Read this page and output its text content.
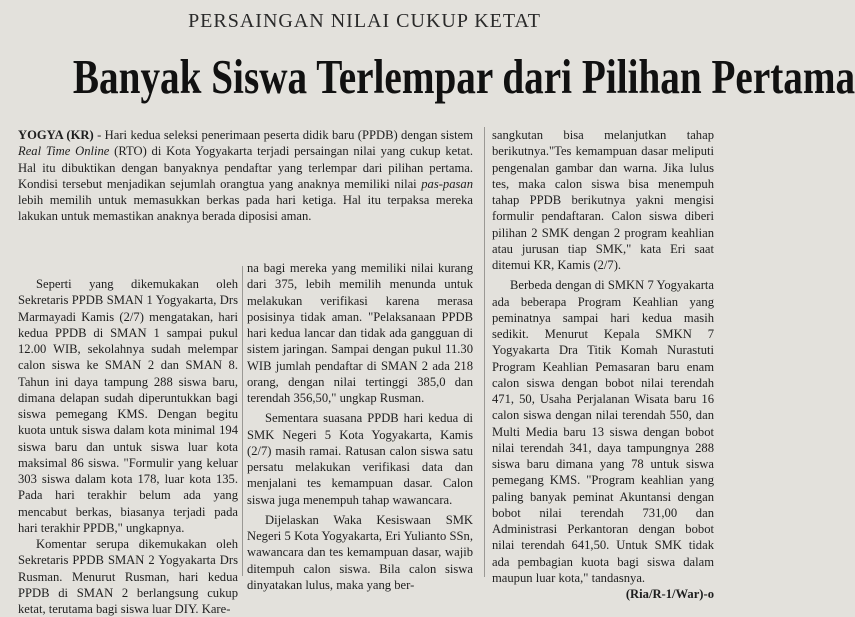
PERSAINGAN NILAI CUKUP KETAT
Banyak Siswa Terlempar dari Pilihan Pertama

YOGYA (KR) - Hari kedua seleksi penerimaan peserta didik baru (PPDB) dengan sistem Real Time Online (RTO) di Kota Yogyakarta terjadi persaingan nilai yang cukup ketat. Hal itu dibuktikan dengan banyaknya pendaftar yang terlempar dari pilihan pertama. Kondisi tersebut menjadikan sejumlah orangtua yang anaknya memiliki nilai pas-pasan lebih memilih untuk memasukkan berkas pada hari ketiga. Hal itu terpaksa mereka lakukan untuk memastikan anaknya berada diposisi aman.

Seperti yang dikemukakan oleh Sekretaris PPDB SMAN 1 Yogyakarta, Drs Marmayadi Kamis (2/7) mengatakan, hari kedua PPDB di SMAN 1 sampai pukul 12.00 WIB, sekolahnya sudah melempar calon siswa ke SMAN 2 dan SMAN 8. Tahun ini daya tampung 288 siswa baru, dimana delapan sudah diperuntukkan bagi siswa pemegang KMS. Dengan begitu kuota untuk siswa dalam kota minimal 194 siswa baru dan untuk siswa luar kota maksimal 86 siswa. "Formulir yang keluar 303 siswa dalam kota 178, luar kota 135. Pada hari terakhir belum ada yang mencabut berkas, biasanya terjadi pada hari terakhir PPDB," ungkapnya.

Komentar serupa dikemukakan oleh Sekretaris PPDB SMAN 2 Yogyakarta Drs Rusman. Menurut Rusman, hari kedua PPDB di SMAN 2 berlangsung cukup ketat, terutama bagi siswa luar DIY. Kare-

na bagi mereka yang memiliki nilai kurang dari 375, lebih memilih menunda untuk melakukan verifikasi karena merasa posisinya tidak aman. "Pelaksanaan PPDB hari kedua lancar dan tidak ada gangguan di sistem jaringan. Sampai dengan pukul 11.30 WIB jumlah pendaftar di SMAN 2 ada 218 orang, dengan nilai tertinggi 385,0 dan terendah 356,50," ungkap Rusman.

Sementara suasana PPDB hari kedua di SMK Negeri 5 Kota Yogyakarta, Kamis (2/7) masih ramai. Ratusan calon siswa satu persatu melakukan verifikasi data dan menjalani tes kemampuan dasar. Calon siswa juga menempuh tahap wawancara.

Dijelaskan Waka Kesiswaan SMK Negeri 5 Kota Yogyakarta, Eri Yulianto SSn, wawancara dan tes kemampuan dasar, wajib ditempuh calon siswa. Bila calon siswa dinyatakan lulus, maka yang ber-

sangkutan bisa melanjutkan tahap berikutnya."Tes kemampuan dasar meliputi pengenalan gambar dan warna. Jika lulus tes, maka calon siswa bisa menempuh tahap PPDB berikutnya yakni mengisi formulir pendaftaran. Calon siswa diberi pilihan 2 SMK dengan 2 program keahlian atau jurusan tiap SMK," kata Eri saat ditemui KR, Kamis (2/7).

Berbeda dengan di SMKN 7 Yogyakarta ada beberapa Program Keahlian yang peminatnya sampai hari kedua masih sedikit. Menurut Kepala SMKN 7 Yogyakarta Dra Titik Komah Nurastuti Program Keahlian Pemasaran baru enam calon siswa dengan bobot nilai terendah 471, 50, Usaha Perjalanan Wisata baru 16 calon siswa dengan nilai terendah 550, dan Multi Media baru 13 siswa dengan bobot nilai terendah 341, daya tampungnya 288 siswa baru dimana yang 78 untuk siswa pemegang KMS. "Program keahlian yang paling banyak peminat Akuntansi dengan bobot nilai terendah 731,00 dan Administrasi Perkantoran dengan bobot nilai terendah 641,50. Untuk SMK tidak ada pembagian kuota bagi siswa dalam maupun luar kota," tandasnya.

(Ria/R-1/War)-o
